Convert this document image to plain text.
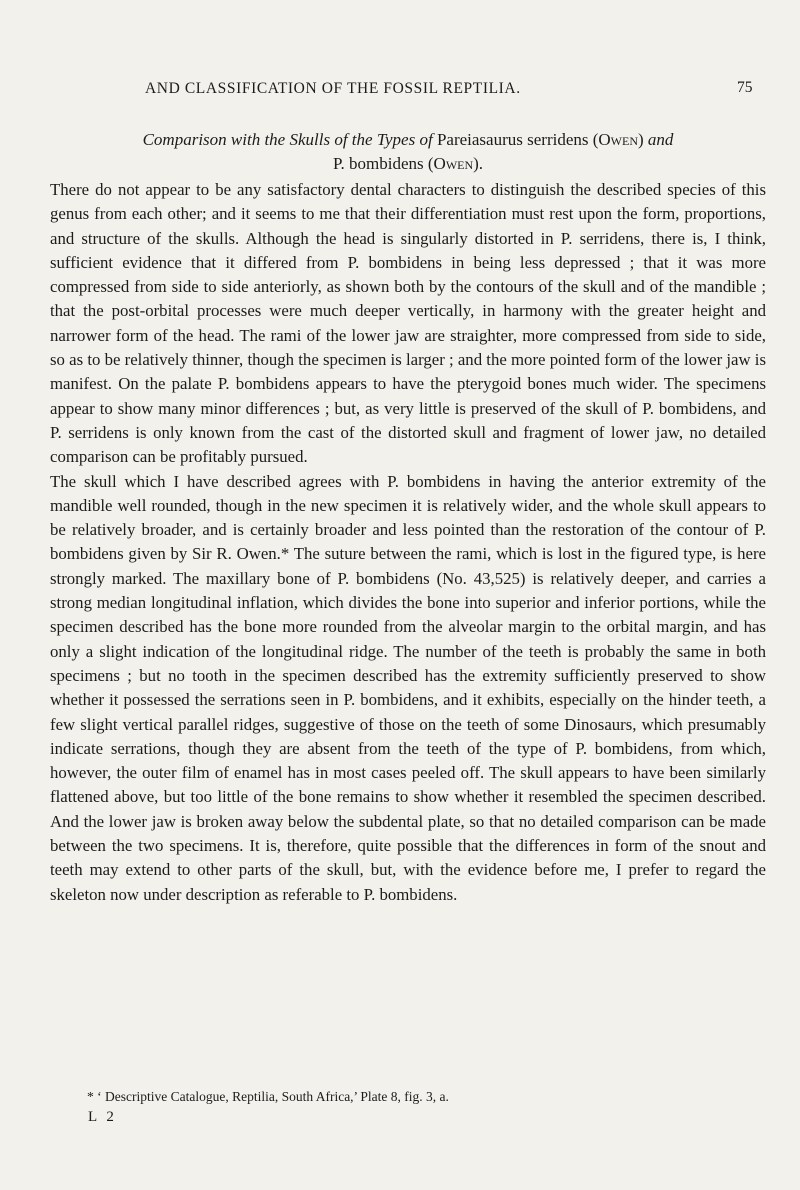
AND CLASSIFICATION OF THE FOSSIL REPTILIA.	75
Comparison with the Skulls of the Types of Pareiasaurus serridens (Owen) and
P. bombidens (Owen).

There do not appear to be any satisfactory dental characters to distinguish the described species of this genus from each other; and it seems to me that their differentiation must rest upon the form, proportions, and structure of the skulls. Although the head is singularly distorted in P. serridens, there is, I think, sufficient evidence that it differed from P. bombidens in being less depressed ; that it was more compressed from side to side anteriorly, as shown both by the contours of the skull and of the mandible ; that the post-orbital processes were much deeper vertically, in harmony with the greater height and narrower form of the head. The rami of the lower jaw are straighter, more compressed from side to side, so as to be relatively thinner, though the specimen is larger ; and the more pointed form of the lower jaw is manifest. On the palate P. bombidens appears to have the pterygoid bones much wider. The specimens appear to show many minor differences ; but, as very little is preserved of the skull of P. bombidens, and P. serridens is only known from the cast of the distorted skull and fragment of lower jaw, no detailed comparison can be profitably pursued.

The skull which I have described agrees with P. bombidens in having the anterior extremity of the mandible well rounded, though in the new specimen it is relatively wider, and the whole skull appears to be relatively broader, and is certainly broader and less pointed than the restoration of the contour of P. bombidens given by Sir R. Owen.* The suture between the rami, which is lost in the figured type, is here strongly marked. The maxillary bone of P. bombidens (No. 43,525) is relatively deeper, and carries a strong median longitudinal inflation, which divides the bone into superior and inferior portions, while the specimen described has the bone more rounded from the alveolar margin to the orbital margin, and has only a slight indication of the longitudinal ridge. The number of the teeth is probably the same in both specimens ; but no tooth in the specimen described has the extremity sufficiently preserved to show whether it possessed the serrations seen in P. bombidens, and it exhibits, especially on the hinder teeth, a few slight vertical parallel ridges, suggestive of those on the teeth of some Dinosaurs, which presumably indicate serrations, though they are absent from the teeth of the type of P. bombidens, from which, however, the outer film of enamel has in most cases peeled off. The skull appears to have been similarly flattened above, but too little of the bone remains to show whether it resembled the specimen described. And the lower jaw is broken away below the subdental plate, so that no detailed comparison can be made between the two specimens. It is, therefore, quite possible that the differences in form of the snout and teeth may extend to other parts of the skull, but, with the evidence before me, I prefer to regard the skeleton now under description as referable to P. bombidens.

* ‘ Descriptive Catalogue, Reptilia, South Africa,’ Plate 8, fig. 3, a.
L 2
